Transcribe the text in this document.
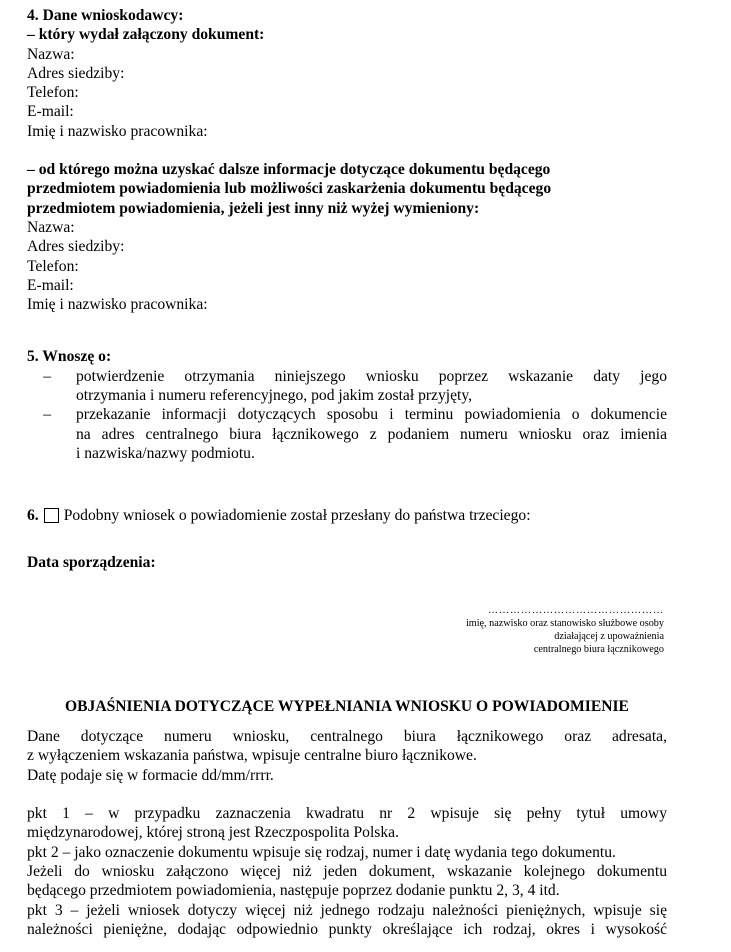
4. Dane wnioskodawcy:
– który wydał załączony dokument:
Nazwa:
Adres siedziby:
Telefon:
E-mail:
Imię i nazwisko pracownika:
– od którego można uzyskać dalsze informacje dotyczące dokumentu będącego
przedmiotem powiadomienia lub możliwości zaskarżenia dokumentu będącego
przedmiotem powiadomienia, jeżeli jest inny niż wyżej wymieniony:
Nazwa:
Adres siedziby:
Telefon:
E-mail:
Imię i nazwisko pracownika:
5. Wnoszę o:
– potwierdzenie otrzymania niniejszego wniosku poprzez wskazanie daty jego
otrzymania i numeru referencyjnego, pod jakim został przyjęty,
– przekazanie informacji dotyczących sposobu i terminu powiadomienia o dokumencie
na adres centralnego biura łącznikowego z podaniem numeru wniosku oraz imienia
i nazwiska/nazwy podmiotu.
6. Podobny wniosek o powiadomienie został przesłany do państwa trzeciego:
Data sporządzenia:
…………………………………………
imię, nazwisko oraz stanowisko służbowe osoby
działającej z upoważnienia
centralnego biura łącznikowego
OBJAŚNIENIA DOTYCZĄCE WYPEŁNIANIA WNIOSKU O POWIADOMIENIE
Dane dotyczące numeru wniosku, centralnego biura łącznikowego oraz adresata,
z wyłączeniem wskazania państwa, wpisuje centralne biuro łącznikowe.
Datę podaje się w formacie dd/mm/rrrr.
pkt 1 – w przypadku zaznaczenia kwadratu nr 2 wpisuje się pełny tytuł umowy
międzynarodowej, której stroną jest Rzeczpospolita Polska.
pkt 2 – jako oznaczenie dokumentu wpisuje się rodzaj, numer i datę wydania tego dokumentu.
Jeżeli do wniosku załączono więcej niż jeden dokument, wskazanie kolejnego dokumentu
będącego przedmiotem powiadomienia, następuje poprzez dodanie punktu 2, 3, 4 itd.
pkt 3 – jeżeli wniosek dotyczy więcej niż jednego rodzaju należności pieniężnych, wpisuje się
należności pieniężne, dodając odpowiednio punkty określające ich rodzaj, okres i wysokość
